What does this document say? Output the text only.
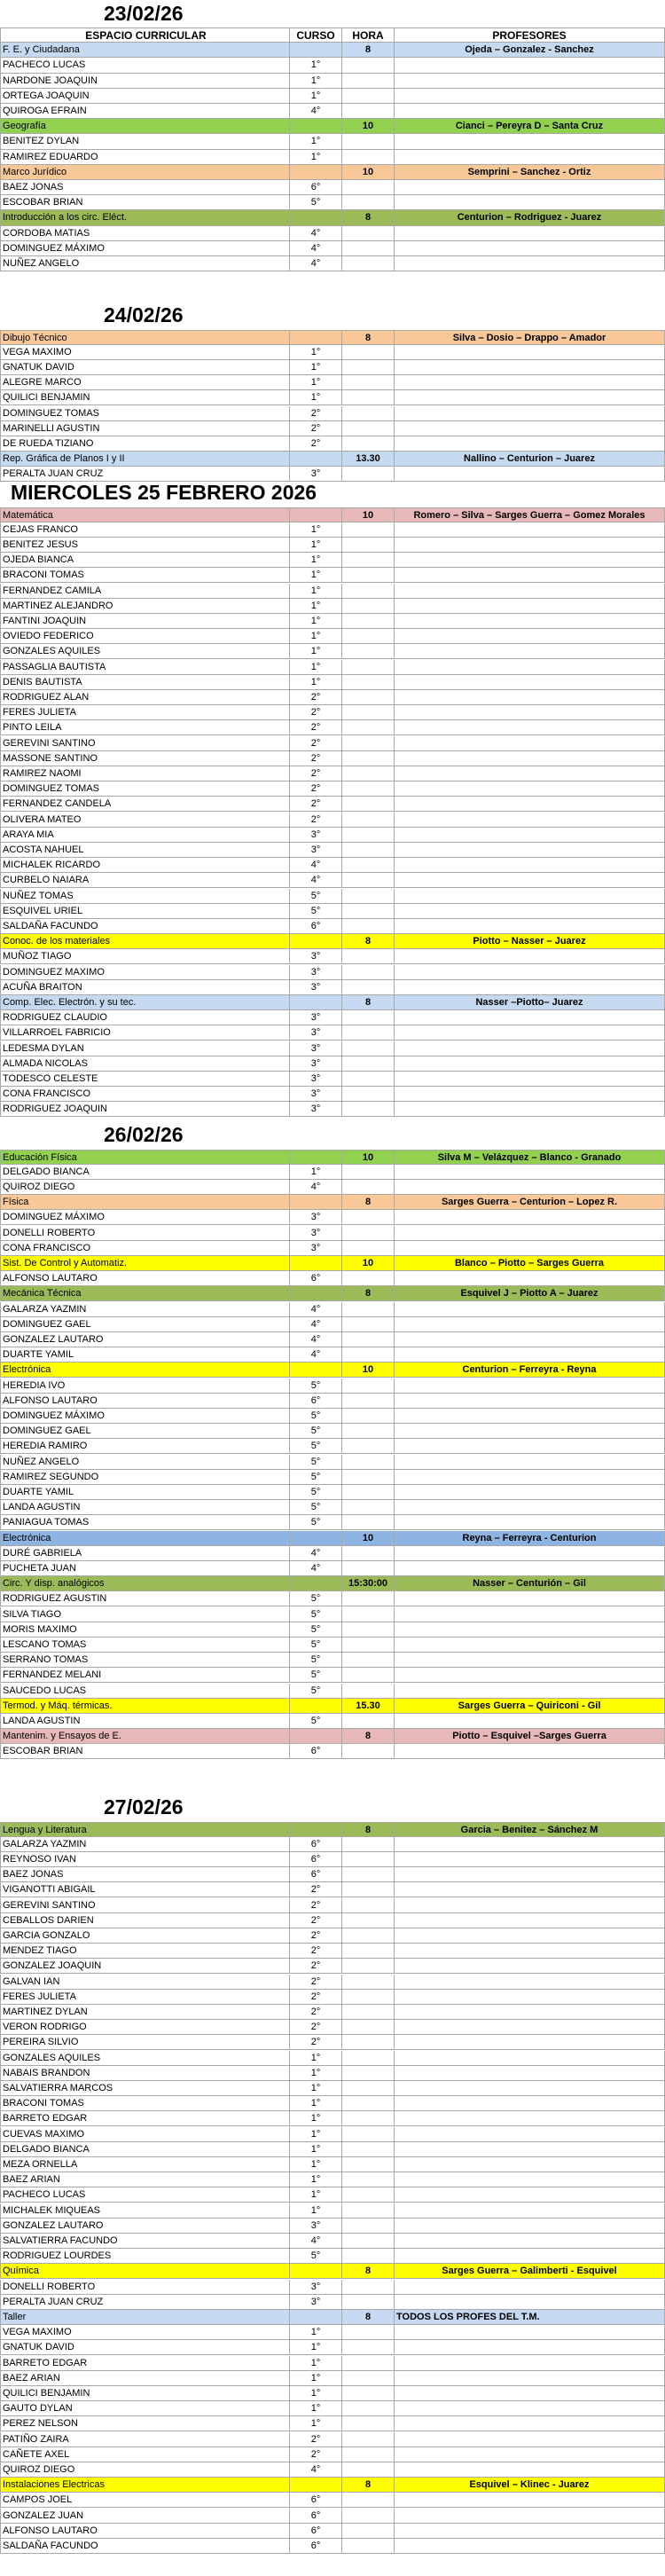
23/02/26
ESPACIO CURRICULAR	CURSO	HORA	PROFESORES
F. E. y Ciudadana	8	Ojeda – Gonzalez - Sanchez
PACHECO LUCAS	1°
NARDONE JOAQUIN	1°
ORTEGA JOAQUIN	1°
QUIROGA EFRAIN	4°
Geografía	10	Cianci – Pereyra D – Santa Cruz
BENITEZ DYLAN	1°
RAMIREZ EDUARDO	1°
Marco Jurídico	10	Semprini – Sanchez - Ortiz
BAEZ JONAS	6°
ESCOBAR BRIAN	5°
Introducción a los circ. Eléct.	8	Centurion – Rodriguez - Juarez
CORDOBA MATIAS	4°
DOMINGUEZ MÁXIMO	4°
NUÑEZ ANGELO	4°
24/02/26
Dibujo Técnico	8	Silva – Dosio – Drappo – Amador
VEGA MAXIMO	1°
GNATUK DAVID	1°
ALEGRE MARCO	1°
QUILICI BENJAMIN	1°
DOMINGUEZ TOMAS	2°
MARINELLI AGUSTIN	2°
DE RUEDA TIZIANO	2°
Rep. Gráfica de Planos I y II	13.30	Nallino – Centurion – Juarez
PERALTA JUAN CRUZ	3°
MIERCOLES 25 FEBRERO 2026
Matemática	10	Romero – Silva – Sarges Guerra – Gomez Morales
CEJAS FRANCO	1°
BENITEZ JESUS	1°
OJEDA BIANCA	1°
BRACONI TOMAS	1°
FERNANDEZ CAMILA	1°
MARTINEZ ALEJANDRO	1°
FANTINI JOAQUIN	1°
OVIEDO FEDERICO	1°
GONZALES AQUILES	1°
PASSAGLIA BAUTISTA	1°
DENIS BAUTISTA	1°
RODRIGUEZ ALAN	2°
FERES JULIETA	2°
PINTO LEILA	2°
GEREVINI SANTINO	2°
MASSONE SANTINO	2°
RAMIREZ NAOMI	2°
DOMINGUEZ TOMAS	2°
FERNANDEZ CANDELA	2°
OLIVERA MATEO	2°
ARAYA MIA	3°
ACOSTA NAHUEL	3°
MICHALEK RICARDO	4°
CURBELO NAIARA	4°
NUÑEZ TOMAS	5°
ESQUIVEL URIEL	5°
SALDAÑA FACUNDO	6°
Conoc. de los materiales	8	Piotto – Nasser – Juarez
MUÑOZ TIAGO	3°
DOMINGUEZ MAXIMO	3°
ACUÑA BRAITON	3°
Comp. Elec. Electrón. y su tec.	8	Nasser –Piotto– Juarez
RODRIGUEZ CLAUDIO	3°
VILLARROEL FABRICIO	3°
LEDESMA DYLAN	3°
ALMADA NICOLAS	3°
TODESCO CELESTE	3°
CONA FRANCISCO	3°
RODRIGUEZ JOAQUIN	3°
26/02/26
Educación Física	10	Silva M – Velázquez – Blanco - Granado
DELGADO BIANCA	1°
QUIROZ DIEGO	4°
Física	8	Sarges Guerra – Centurion – Lopez R.
DOMINGUEZ MÁXIMO	3°
DONELLI ROBERTO	3°
CONA FRANCISCO	3°
Sist. De Control y Automatiz.	10	Blanco – Piotto – Sarges Guerra
ALFONSO LAUTARO	6°
Mecánica Técnica	8	Esquivel J – Piotto A – Juarez
GALARZA YAZMIN	4°
DOMINGUEZ GAEL	4°
GONZALEZ LAUTARO	4°
DUARTE YAMIL	4°
Electrónica	10	Centurion – Ferreyra - Reyna
HEREDIA IVO	5°
ALFONSO LAUTARO	6°
DOMINGUEZ MÁXIMO	5°
DOMINGUEZ GAEL	5°
HEREDIA RAMIRO	5°
NUÑEZ ANGELO	5°
RAMIREZ SEGUNDO	5°
DUARTE YAMIL	5°
LANDA AGUSTIN	5°
PANIAGUA TOMAS	5°
Electrónica	10	Reyna – Ferreyra - Centurion
DURÉ GABRIELA	4°
PUCHETA JUAN	4°
Circ. Y disp. analógicos	15:30:00	Nasser – Centurión – Gil
RODRIGUEZ AGUSTIN	5°
SILVA TIAGO	5°
MORIS MAXIMO	5°
LESCANO TOMAS	5°
SERRANO TOMAS	5°
FERNANDEZ MELANI	5°
SAUCEDO LUCAS	5°
Termod. y Máq. térmicas.	15.30	Sarges Guerra – Quiriconi - Gil
LANDA AGUSTIN	5°
Mantenim. y Ensayos de E.	8	Piotto – Esquivel –Sarges Guerra
ESCOBAR BRIAN	6°
27/02/26
Lengua y Literatura	8	Garcia – Benitez – Sánchez M
GALARZA YAZMIN	6°
REYNOSO IVAN	6°
BAEZ JONAS	6°
VIGANOTTI ABIGAIL	2°
GEREVINI SANTINO	2°
CEBALLOS DARIEN	2°
GARCIA GONZALO	2°
MENDEZ TIAGO	2°
GONZALEZ JOAQUIN	2°
GALVAN IAN	2°
FERES JULIETA	2°
MARTINEZ DYLAN	2°
VERON RODRIGO	2°
PEREIRA SILVIO	2°
GONZALES AQUILES	1°
NABAIS BRANDON	1°
SALVATIERRA MARCOS	1°
BRACONI TOMAS	1°
BARRETO EDGAR	1°
CUEVAS MAXIMO	1°
DELGADO BIANCA	1°
MEZA ORNELLA	1°
BAEZ ARIAN	1°
PACHECO LUCAS	1°
MICHALEK MIQUEAS	1°
GONZALEZ LAUTARO	3°
SALVATIERRA FACUNDO	4°
RODRIGUEZ LOURDES	5°
Química	8	Sarges Guerra – Galimberti - Esquivel
DONELLI ROBERTO	3°
PERALTA JUAN CRUZ	3°
Taller	8	TODOS LOS PROFES DEL T.M.
VEGA MAXIMO	1°
GNATUK DAVID	1°
BARRETO EDGAR	1°
BAEZ ARIAN	1°
QUILICI BENJAMIN	1°
GAUTO DYLAN	1°
PEREZ NELSON	1°
PATIÑO ZAIRA	2°
CAÑETE AXEL	2°
QUIROZ DIEGO	4°
Instalaciones Electricas	8	Esquivel – Klinec - Juarez
CAMPOS JOEL	6°
GONZALEZ JUAN	6°
ALFONSO LAUTARO	6°
SALDAÑA FACUNDO	6°
